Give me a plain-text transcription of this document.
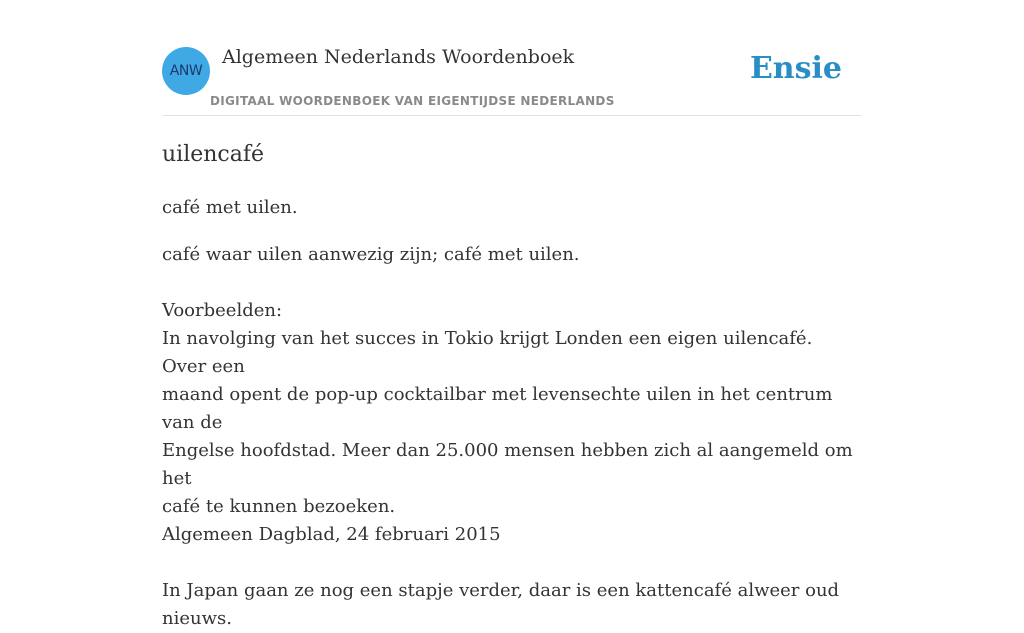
ANW
Algemeen Nederlands Woordenboek
DIGITAAL WOORDENBOEK VAN EIGENTIJDSE NEDERLANDS
Ensie
uilencafé

café met uilen.

café waar uilen aanwezig zijn; café met uilen.

Voorbeelden:

In navolging van het succes in Tokio krijgt Londen een eigen uilencafé. Over een

maand opent de pop-up cocktailbar met levensechte uilen in het centrum van de

Engelse hoofdstad. Meer dan 25.000 mensen hebben zich al aangemeld om het

café te kunnen bezoeken.

Algemeen Dagblad, 24 februari 2015

In Japan gaan ze nog een stapje verder, daar is een kattencafé alweer oud nieuws.
